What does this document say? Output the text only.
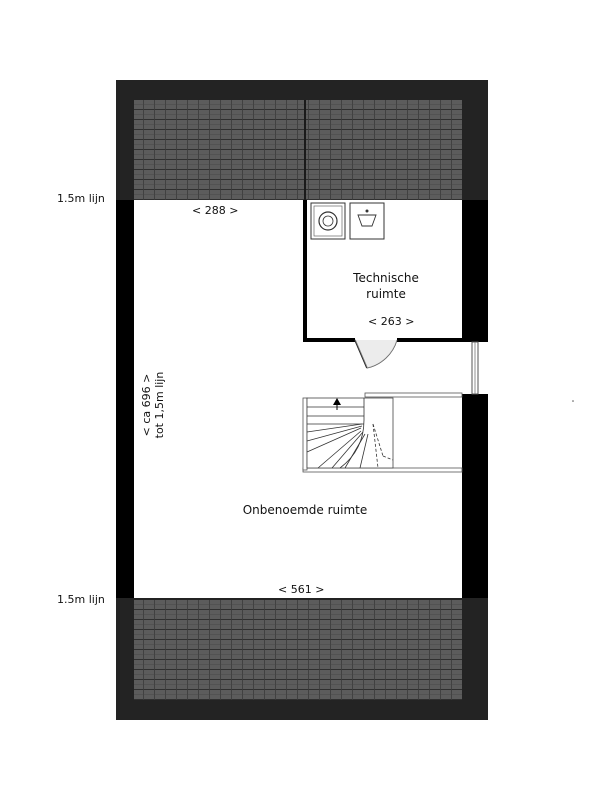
1.5m lijn
1.5m lijn
< 288 >
< 263 >
< 561 >
Technische
ruimte
Onbenoemde ruimte
< ca 696 > tot 1,5m lijn
